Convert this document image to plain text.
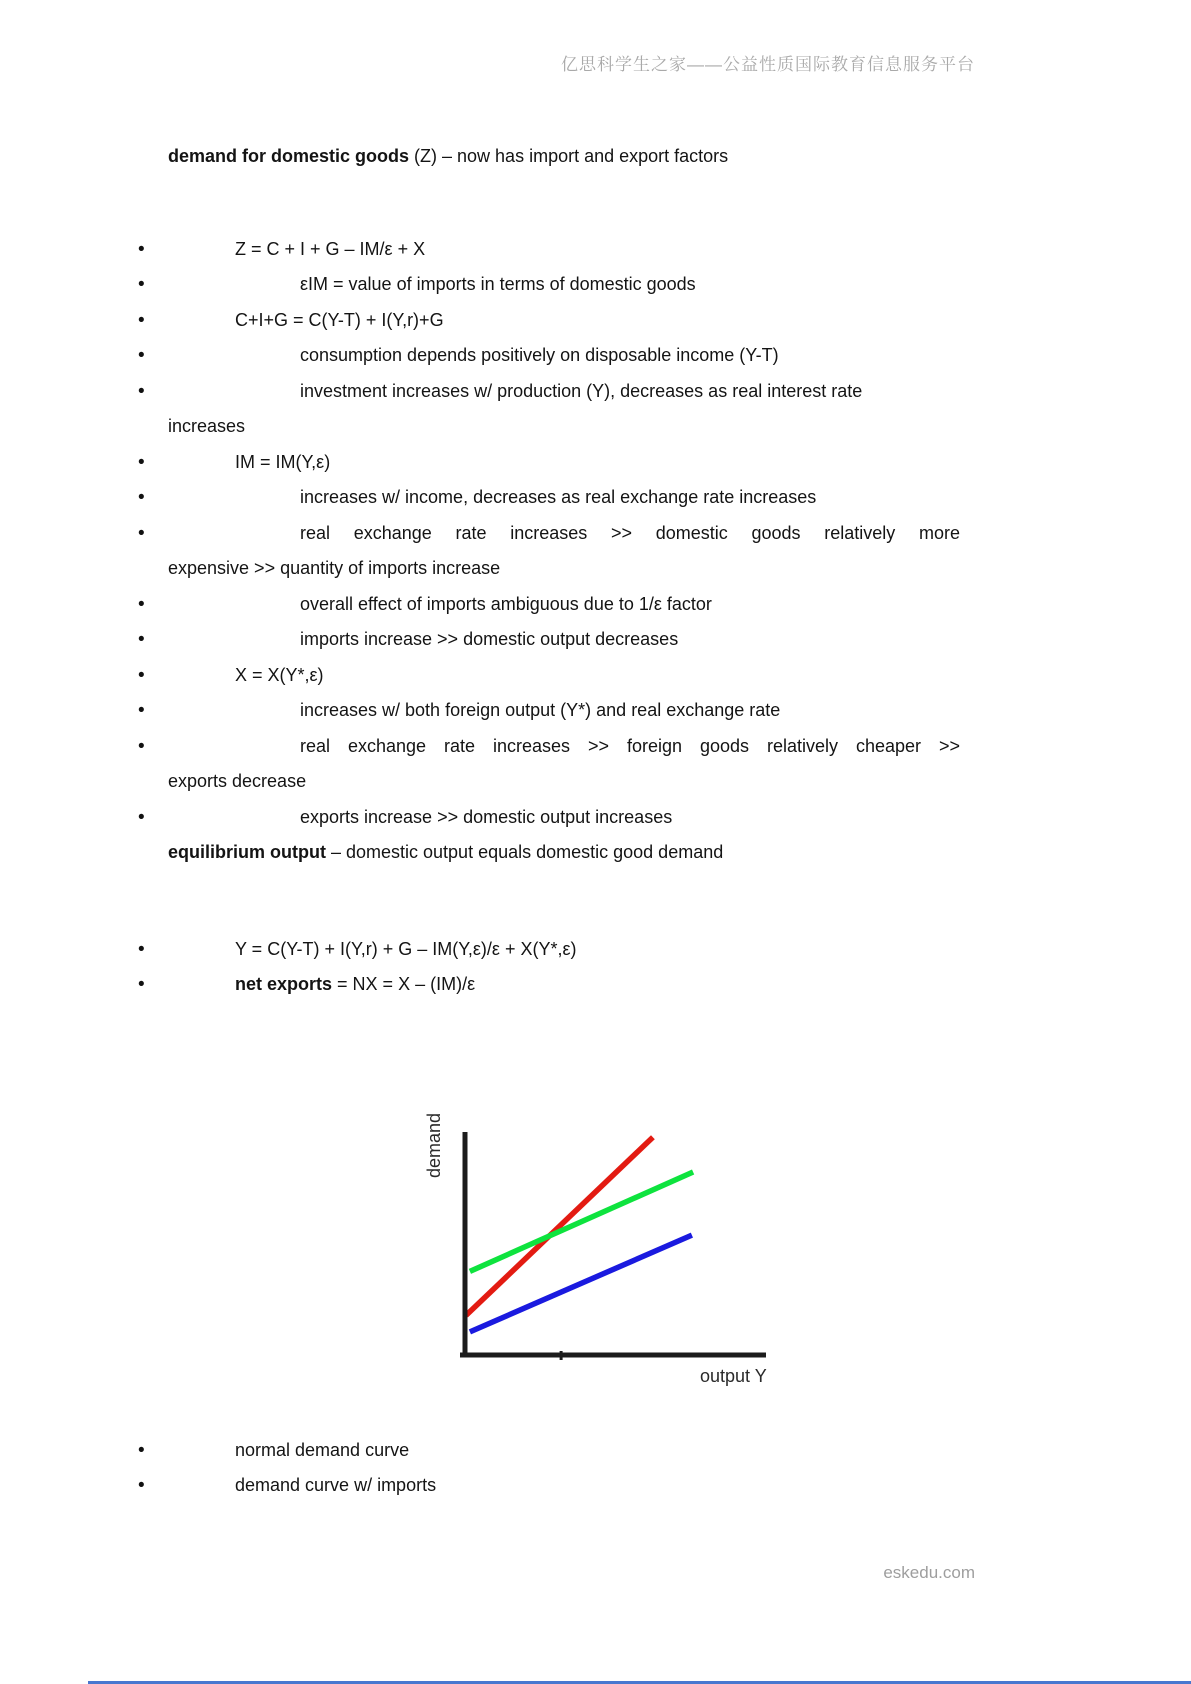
亿思科学生之家——公益性质国际教育信息服务平台
demand for domestic goods (Z) – now has import and export factors
• Z = C + I + G – IM/ε + X
• εIM = value of imports in terms of domestic goods
• C+I+G = C(Y-T) + I(Y,r)+G
• consumption depends positively on disposable income (Y-T)
• investment increases w/ production (Y), decreases as real interest rate
increases
• IM = IM(Y,ε)
• increases w/ income, decreases as real exchange rate increases
• real exchange rate increases >> domestic goods relatively more
expensive >> quantity of imports increase
• overall effect of imports ambiguous due to 1/ε factor
• imports increase >> domestic output decreases
• X = X(Y*,ε)
• increases w/ both foreign output (Y*) and real exchange rate
• real exchange rate increases >> foreign goods relatively cheaper >>
exports decrease
• exports increase >> domestic output increases
equilibrium output – domestic output equals domestic good demand
• Y = C(Y-T) + I(Y,r) + G – IM(Y,ε)/ε + X(Y*,ε)
• net exports = NX = X – (IM)/ε
• normal demand curve
• demand curve w/ imports
demand
output Y
eskedu.com
